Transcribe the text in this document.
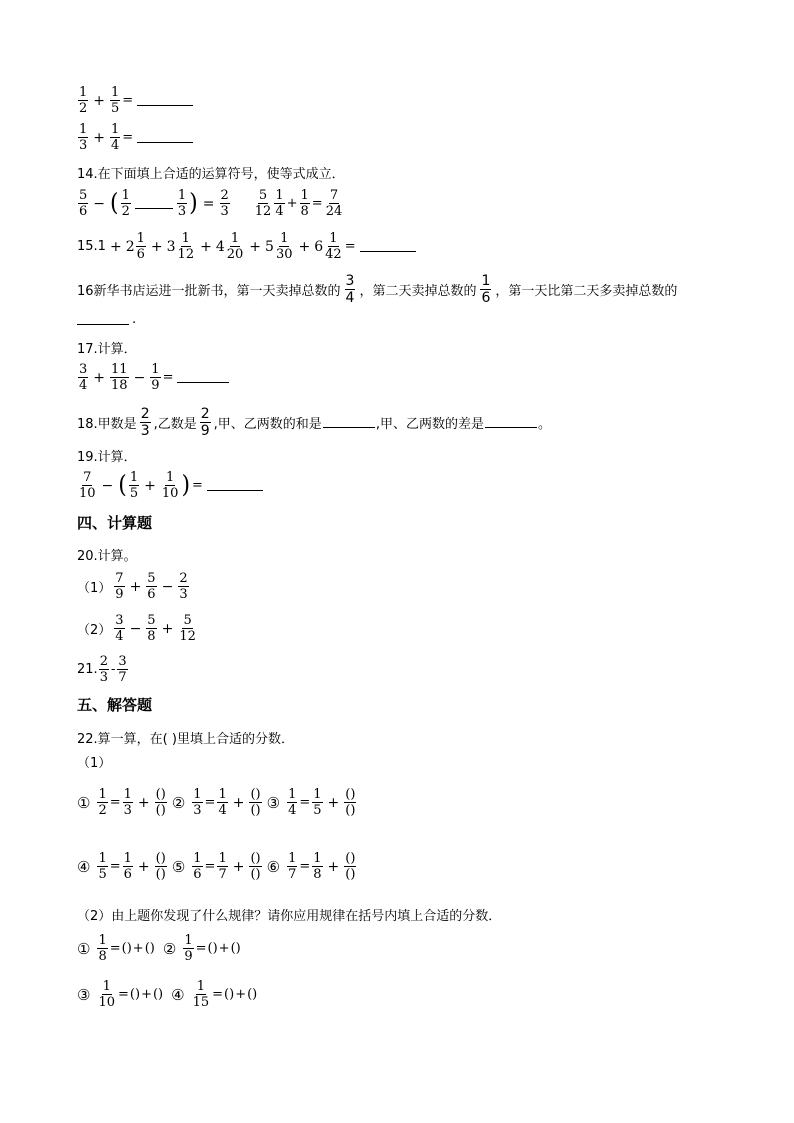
$\frac{1}{2} + \frac{1}{5}$ =
$\frac{1}{3} + \frac{1}{4}$ =
14.在下面填上合适的运算符号，使等式成立．
$\frac{5}{6}$ − ( $\frac{1}{2}$	$\frac{1}{3}$ ) = $\frac{2}{3} \frac{5}{12} \frac{1}{4} + \frac{1}{8} = \frac{7}{24}$
$15.1 + 2 \frac{1}{6} + 3 \frac{1}{12} + 4 \frac{1}{20} + 5 \frac{1}{30} + 6 \frac{1}{42}$ =
16新华书店运进一批新书，第一天卖掉总数的 $\frac{3}{4}$ ，第二天卖掉总数的 $\frac{1}{6}$ ，第一天比第二天多卖掉总数的
.
17.计算．
$\frac{3}{4} + \frac{11}{18} - \frac{1}{9}$ =
18.甲数是 $\frac{2}{3}$ ,乙数是 $\frac{2}{9}$ ,甲、乙两数的和是	,甲、乙两数的差是	。
19.计算．
$\frac{7}{10}$ − ( $\frac{1}{5} + \frac{1}{10}$ ) =
四、计算题
20.计算。
$(1) \frac{7}{9} + \frac{5}{6} - \frac{2}{3}$
$(2) \frac{3}{4} - \frac{5}{8} + \frac{5}{12}$
21. $\frac{2}{3} - \frac{3}{7}$
五、解答题
22.算一算，在( )里填上合适的分数．
（1）
① $\frac{1}{2} = \frac{1}{3} + \frac{()}{()}$ ② $\frac{1}{3} = \frac{1}{4} + \frac{()}{()}$ ③ $\frac{1}{4} = \frac{1}{5} + \frac{()}{()}$
④ $\frac{1}{5} = \frac{1}{6} + \frac{()}{()}$ ⑤ $\frac{1}{6} = \frac{1}{7} + \frac{()}{()}$ ⑥ $\frac{1}{7} = \frac{1}{8} + \frac{()}{()}$
（2）由上题你发现了什么规律？请你应用规律在括号内填上合适的分数．
① $\frac{1}{8}$ = () + () ② $\frac{1}{9}$ = () + ()
③ $\frac{1}{10}$ = () + () ④ $\frac{1}{15}$ = () + ()
